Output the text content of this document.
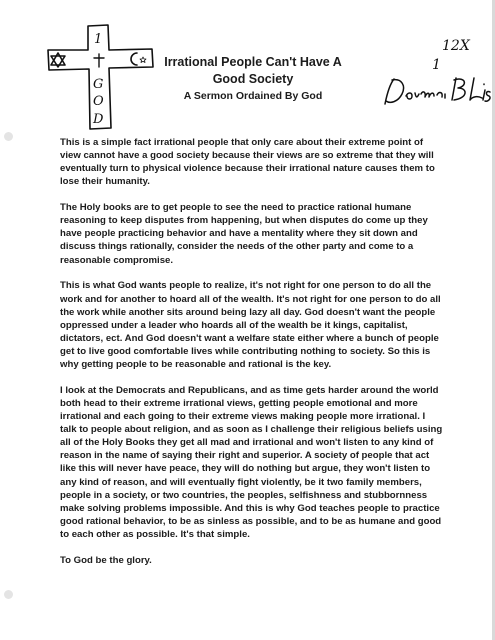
1
G
O
D
Irrational People Can't Have A
Good Society
A Sermon Ordained By God
12X
1

This is a simple fact irrational people that only care about their extreme point of view cannot have a good society because their views are so extreme that they will eventually turn to physical violence because their irrational nature causes them to lose their humanity.

The Holy books are to get people to see the need to practice rational humane reasoning to keep disputes from happening, but when disputes do come up they have people practicing behavior and have a mentality where they sit down and discuss things rationally, consider the needs of the other party and come to a reasonable compromise.

This is what God wants people to realize, it's not right for one person to do all the work and for another to hoard all of the wealth. It's not right for one person to do all the work while another sits around being lazy all day. God doesn't want the people oppressed under a leader who hoards all of the wealth be it kings, capitalist, dictators, ect. And God doesn't want a welfare state either where a bunch of people get to live good comfortable lives while contributing nothing to society. So this is why getting people to be reasonable and rational is the key.

I look at the Democrats and Republicans, and as time gets harder around the world both head to their extreme irrational views, getting people emotional and more irrational and each going to their extreme views making people more irrational. I talk to people about religion, and as soon as I challenge their religious beliefs using all of the Holy Books they get all mad and irrational and won't listen to any kind of reason in the name of saying their right and superior. A society of people that act like this will never have peace, they will do nothing but argue, they won't listen to any kind of reason, and will eventually fight violently, be it two family members, people in a society, or two countries, the peoples, selfishness and stubbornness make solving problems impossible. And this is why God teaches people to practice good rational behavior, to be as sinless as possible, and to be as humane and good to each other as possible. It's that simple.

To God be the glory.
